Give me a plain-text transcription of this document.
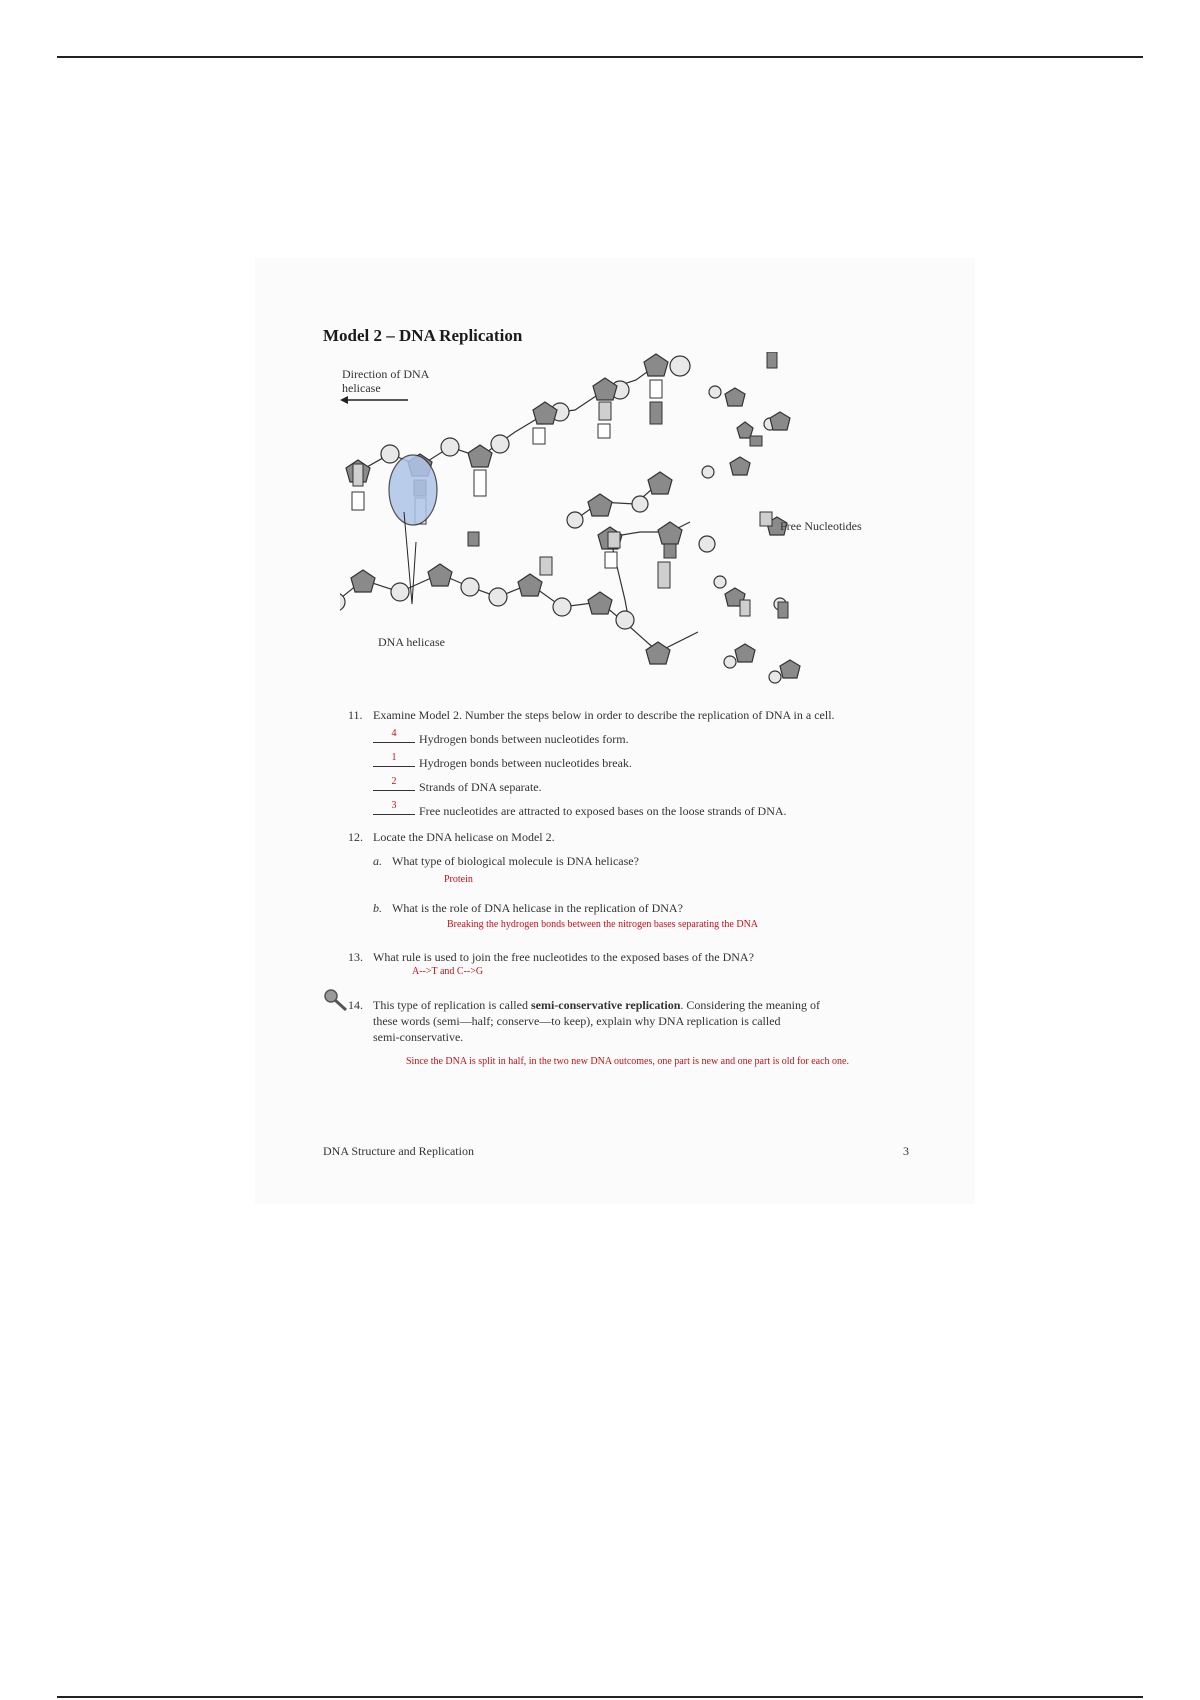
Model 2 – DNA Replication
Direction of DNA
helicase
Free Nucleotides
DNA helicase
11. Examine Model 2. Number the steps below in order to describe the replication of DNA in a cell.
4	Hydrogen bonds between nucleotides form.
1	Hydrogen bonds between nucleotides break.
2	Strands of DNA separate.
3	Free nucleotides are attracted to exposed bases on the loose strands of DNA.
12. Locate the DNA helicase on Model 2.
a. What type of biological molecule is DNA helicase?
Protein
b. What is the role of DNA helicase in the replication of DNA?
Breaking the hydrogen bonds between the nitrogen bases separating the DNA
13. What rule is used to join the free nucleotides to the exposed bases of the DNA?
A-->T and C-->G
14. This type of replication is called semi-conservative replication. Considering the meaning of
these words (semi—half; conserve—to keep), explain why DNA replication is called
semi-conservative.
Since the DNA is split in half, in the two new DNA outcomes, one part is new and one part is old for each one.
DNA Structure and Replication	3
